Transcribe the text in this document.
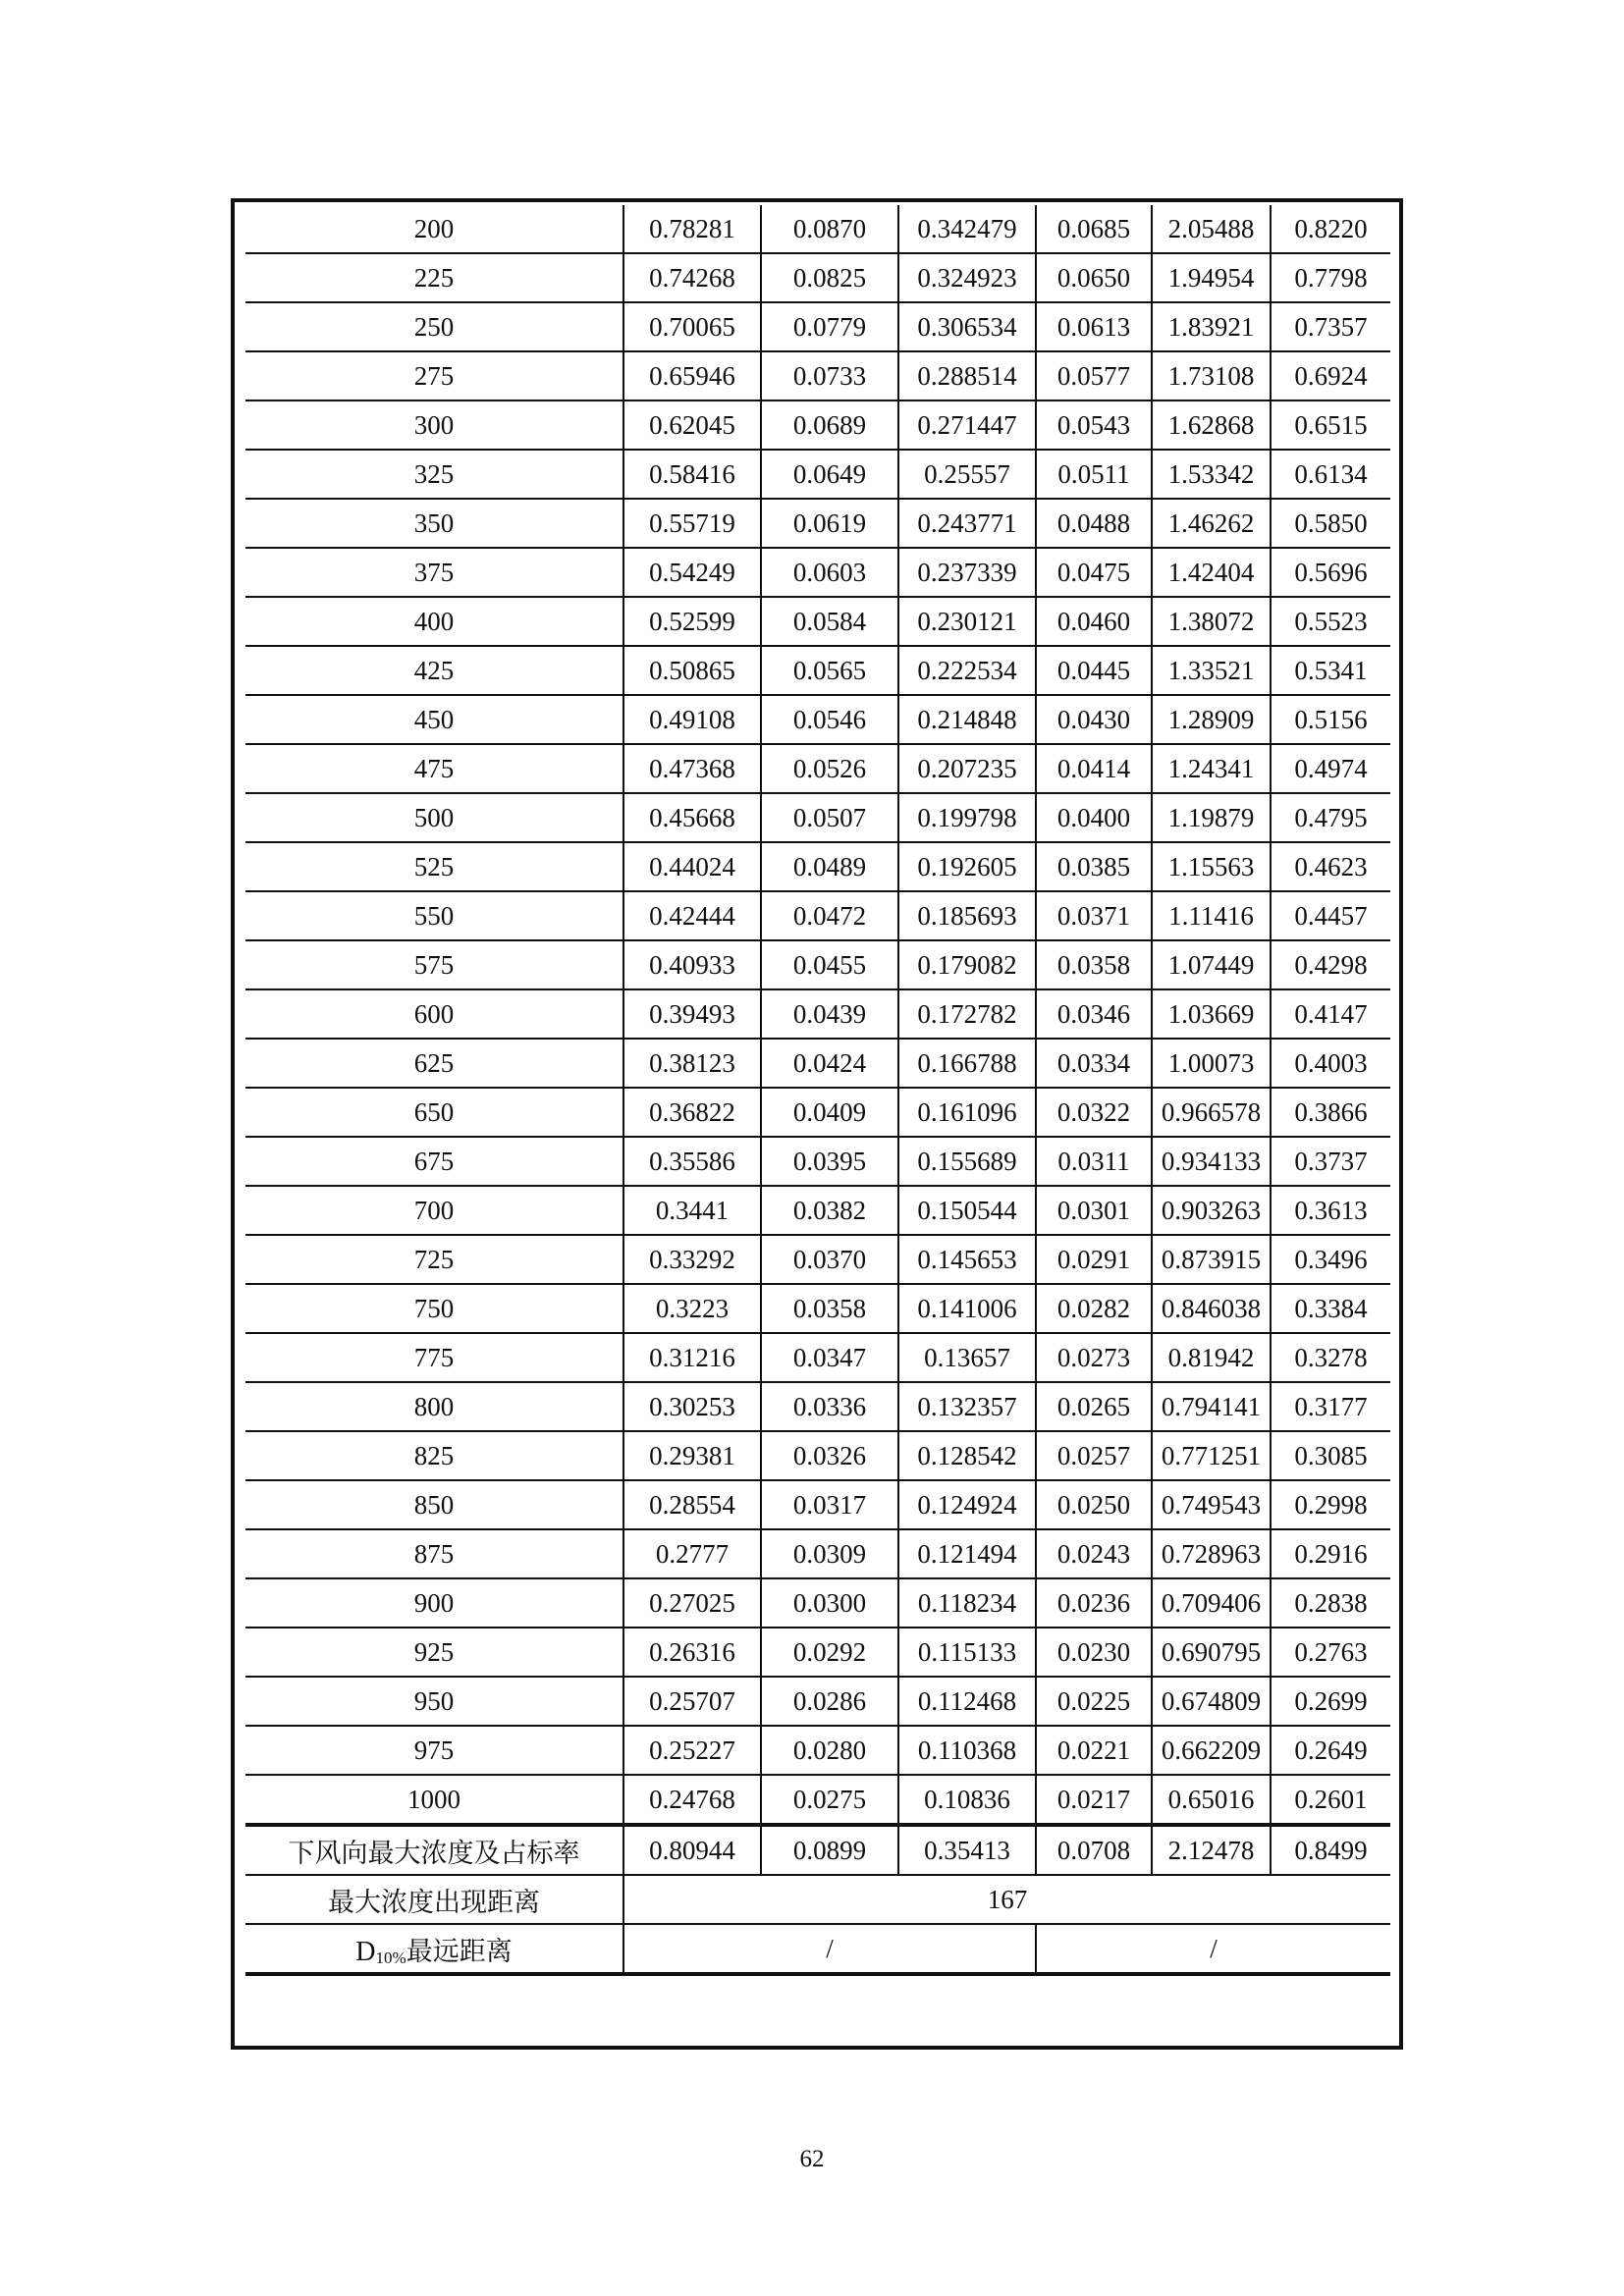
200	0.78281	0.0870	0.342479	0.0685	2.05488	0.8220
225	0.74268	0.0825	0.324923	0.0650	1.94954	0.7798
250	0.70065	0.0779	0.306534	0.0613	1.83921	0.7357
275	0.65946	0.0733	0.288514	0.0577	1.73108	0.6924
300	0.62045	0.0689	0.271447	0.0543	1.62868	0.6515
325	0.58416	0.0649	0.25557	0.0511	1.53342	0.6134
350	0.55719	0.0619	0.243771	0.0488	1.46262	0.5850
375	0.54249	0.0603	0.237339	0.0475	1.42404	0.5696
400	0.52599	0.0584	0.230121	0.0460	1.38072	0.5523
425	0.50865	0.0565	0.222534	0.0445	1.33521	0.5341
450	0.49108	0.0546	0.214848	0.0430	1.28909	0.5156
475	0.47368	0.0526	0.207235	0.0414	1.24341	0.4974
500	0.45668	0.0507	0.199798	0.0400	1.19879	0.4795
525	0.44024	0.0489	0.192605	0.0385	1.15563	0.4623
550	0.42444	0.0472	0.185693	0.0371	1.11416	0.4457
575	0.40933	0.0455	0.179082	0.0358	1.07449	0.4298
600	0.39493	0.0439	0.172782	0.0346	1.03669	0.4147
625	0.38123	0.0424	0.166788	0.0334	1.00073	0.4003
650	0.36822	0.0409	0.161096	0.0322	0.966578	0.3866
675	0.35586	0.0395	0.155689	0.0311	0.934133	0.3737
700	0.3441	0.0382	0.150544	0.0301	0.903263	0.3613
725	0.33292	0.0370	0.145653	0.0291	0.873915	0.3496
750	0.3223	0.0358	0.141006	0.0282	0.846038	0.3384
775	0.31216	0.0347	0.13657	0.0273	0.81942	0.3278
800	0.30253	0.0336	0.132357	0.0265	0.794141	0.3177
825	0.29381	0.0326	0.128542	0.0257	0.771251	0.3085
850	0.28554	0.0317	0.124924	0.0250	0.749543	0.2998
875	0.2777	0.0309	0.121494	0.0243	0.728963	0.2916
900	0.27025	0.0300	0.118234	0.0236	0.709406	0.2838
925	0.26316	0.0292	0.115133	0.0230	0.690795	0.2763
950	0.25707	0.0286	0.112468	0.0225	0.674809	0.2699
975	0.25227	0.0280	0.110368	0.0221	0.662209	0.2649
1000	0.24768	0.0275	0.10836	0.0217	0.65016	0.2601
下风向最大浓度及占标率	0.80944	0.0899	0.35413	0.0708	2.12478	0.8499
最大浓度出现距离	167					
D10%最远距离	/			/		
62
